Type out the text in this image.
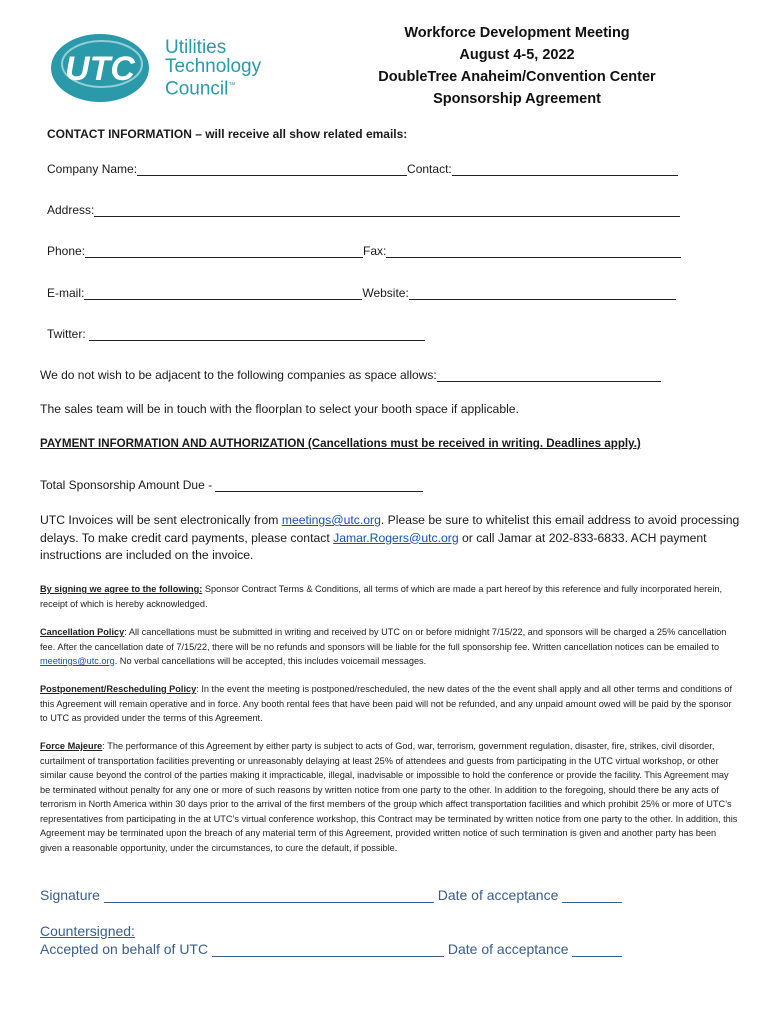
UTC
Utilities
Technology
Council™
Workforce Development Meeting
August 4-5, 2022
DoubleTree Anaheim/Convention Center
Sponsorship Agreement
CONTACT INFORMATION – will receive all show related emails:
Company Name:	Contact:
Address:
Phone:	Fax:
E-mail:	Website:
Twitter:
We do not wish to be adjacent to the following companies as space allows:
The sales team will be in touch with the floorplan to select your booth space if applicable.
PAYMENT INFORMATION AND AUTHORIZATION (Cancellations must be received in writing. Deadlines apply.)
Total Sponsorship Amount Due -
UTC Invoices will be sent electronically from meetings@utc.org. Please be sure to whitelist this email address to avoid processing delays. To make credit card payments, please contact Jamar.Rogers@utc.org or call Jamar at 202-833-6833. ACH payment instructions are included on the invoice.
By signing we agree to the following: Sponsor Contract Terms & Conditions, all terms of which are made a part hereof by this reference and fully incorporated herein, receipt of which is hereby acknowledged.
Cancellation Policy: All cancellations must be submitted in writing and received by UTC on or before midnight 7/15/22, and sponsors will be charged a 25% cancellation fee. After the cancellation date of 7/15/22, there will be no refunds and sponsors will be liable for the full sponsorship fee. Written cancellation notices can be emailed to meetings@utc.org. No verbal cancellations will be accepted, this includes voicemail messages.
Postponement/Rescheduling Policy: In the event the meeting is postponed/rescheduled, the new dates of the the event shall apply and all other terms and conditions of this Agreement will remain operative and in force. Any booth rental fees that have been paid will not be refunded, and any unpaid amount owed will be paid by the sponsor to UTC as provided under the terms of this Agreement.
Force Majeure: The performance of this Agreement by either party is subject to acts of God, war, terrorism, government regulation, disaster, fire, strikes, civil disorder, curtailment of transportation facilities preventing or unreasonably delaying at least 25% of attendees and guests from participating in the UTC virtual workshop, or other similar cause beyond the control of the parties making it impracticable, illegal, inadvisable or impossible to hold the conference or provide the facility. This Agreement may be terminated without penalty for any one or more of such reasons by written notice from one party to the other. In addition to the foregoing, should there be any acts of terrorism in North America within 30 days prior to the arrival of the first members of the group which affect transportation facilities and which prohibit 25% or more of UTC’s representatives from participating in the at UTC’s virtual conference workshop, this Contract may be terminated by written notice from one party to the other. In addition, this Agreement may be terminated upon the breach of any material term of this Agreement, provided written notice of such termination is given and another party has been given a reasonable opportunity, under the circumstances, to cure the default, if possible.
Signature	Date of acceptance
Countersigned:
Accepted on behalf of UTC	Date of acceptance
